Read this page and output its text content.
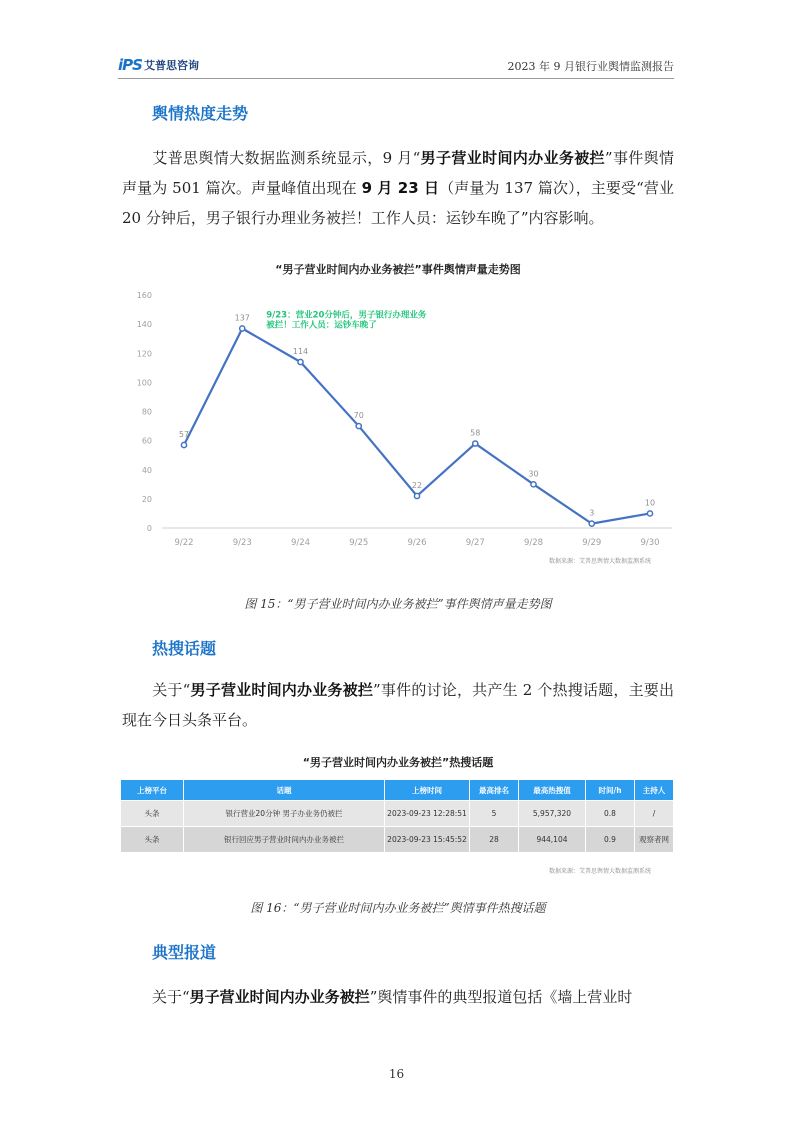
iPS 艾普思咨询	2023 年 9 月银行业舆情监测报告
舆情热度走势
艾普思舆情大数据监测系统显示，9 月“男子营业时间内办业务被拦”事件舆情声量为 501 篇次。声量峰值出现在 9 月 23 日（声量为 137 篇次），主要受“营业 20 分钟后，男子银行办理业务被拦！工作人员：运钞车晚了”内容影响。
“男子营业时间内办业务被拦”事件舆情声量走势图
0
20
40
60
80
100
120
140
160
9/22	9/23	9/24	9/25	9/26	9/27	9/28	9/29	9/30
57
137
114
70
22
58
30
3
10
9/23：营业20分钟后，男子银行办理业务
被拦！工作人员：运钞车晚了
数据来源：艾普思舆情大数据监测系统
图 15：“男子营业时间内办业务被拦”事件舆情声量走势图
热搜话题
关于“男子营业时间内办业务被拦”事件的讨论，共产生 2 个热搜话题，主要出现在今日头条平台。
“男子营业时间内办业务被拦”热搜话题
上榜平台	话题	上榜时间	最高排名	最高热搜值	时间/h	主持人
头条	银行营业20分钟 男子办业务仍被拦	2023-09-23 12:28:51	5	5,957,320	0.8	/
头条	银行回应男子营业时间内办业务被拦	2023-09-23 15:45:52	28	944,104	0.9	观察者网
数据来源：艾普思舆情大数据监测系统
图 16：“男子营业时间内办业务被拦”舆情事件热搜话题
典型报道
关于“男子营业时间内办业务被拦”舆情事件的典型报道包括《墙上营业时
16
